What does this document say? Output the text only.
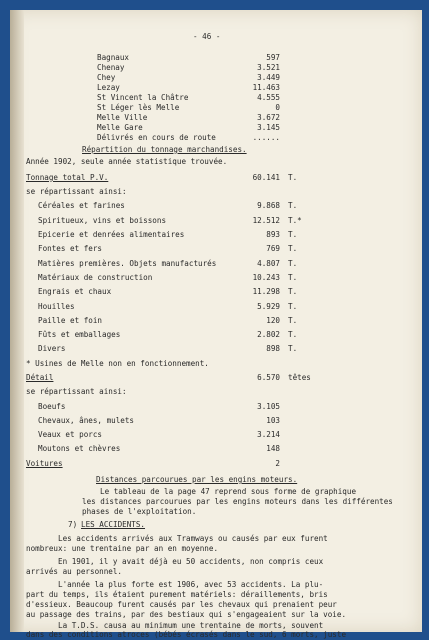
- 46 -
Bagnaux	597
Chenay	3.521
Chey	3.449
Lezay	11.463
St Vincent la Châtre	4.555
St Léger lès Melle	0
Melle Ville	3.672
Melle Gare	3.145
Délivrés en cours de route	......
Répartition du tonnage marchandises.
Année 1902, seule année statistique trouvée.
Tonnage total P.V.	60.141 T.
se répartissant ainsi:
Céréales et farines	9.868 T.
Spiritueux, vins et boissons	12.512 T.*
Epicerie et denrées alimentaires	893 T.
Fontes et fers	769 T.
Matières premières. Objets manufacturés	4.807 T.
Matériaux de construction	10.243 T.
Engrais et chaux	11.298 T.
Houilles	5.929 T.
Paille et foin	120 T.
Fûts et emballages	2.802 T.
Divers	898 T.
* Usines de Melle non en fonctionnement.
Détail	6.570 têtes
se répartissant ainsi:
Boeufs	3.105
Chevaux, ânes, mulets	103
Veaux et porcs	3.214
Moutons et chèvres	148
Voitures	2
Distances parcourues par les engins moteurs.
Le tableau de la page 47 reprend sous forme de graphique
les distances parcourues par les engins moteurs dans les différentes
phases de l'exploitation.
7) LES ACCIDENTS.
Les accidents arrivés aux Tramways ou causés par eux furent
nombreux: une trentaine par an en moyenne.
En 1901, il y avait déjà eu 50 accidents, non compris ceux
arrivés au personnel.
L'année la plus forte est 1906, avec 53 accidents. La plu-
part du temps, ils étaient purement matériels: déraillements, bris
d'essieux. Beaucoup furent causés par les chevaux qui prenaient peur
au passage des trains, par des bestiaux qui s'engageaient sur la voie.
La T.D.S. causa au minimum une trentaine de morts, souvent
dans des conditions atroces (bébés écrasés dans le sud, 6 morts, juste
